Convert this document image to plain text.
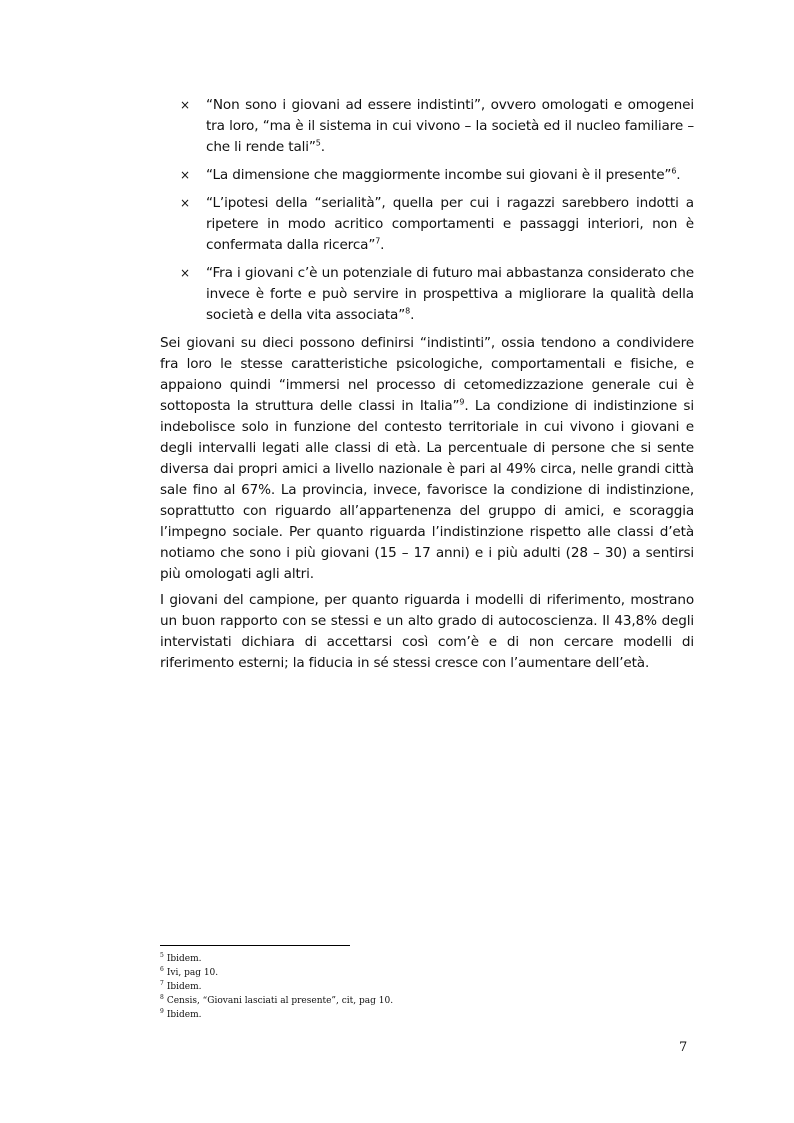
× “Non sono i giovani ad essere indistinti”, ovvero omologati e omogenei tra loro, “ma è il sistema in cui vivono – la società ed il nucleo familiare – che li rende tali”$^5$.
× “La dimensione che maggiormente incombe sui giovani è il presente”$^6$.
× “L’ipotesi della “serialità”, quella per cui i ragazzi sarebbero indotti a ripetere in modo acritico comportamenti e passaggi interiori, non è confermata dalla ricerca”$^7$.
× “Fra i giovani c’è un potenziale di futuro mai abbastanza considerato che invece è forte e può servire in prospettiva a migliorare la qualità della società e della vita associata”$^8$.

Sei giovani su dieci possono definirsi “indistinti”, ossia tendono a condividere fra loro le stesse caratteristiche psicologiche, comportamentali e fisiche, e appaiono quindi “immersi nel processo di cetomedizzazione generale cui è sottoposta la struttura delle classi in Italia”$^9$. La condizione di indistinzione si indebolisce solo in funzione del contesto territoriale in cui vivono i giovani e degli intervalli legati alle classi di età. La percentuale di persone che si sente diversa dai propri amici a livello nazionale è pari al 49% circa, nelle grandi città sale fino al 67%. La provincia, invece, favorisce la condizione di indistinzione, soprattutto con riguardo all’appartenenza del gruppo di amici, e scoraggia l’impegno sociale. Per quanto riguarda l’indistinzione rispetto alle classi d’età notiamo che sono i più giovani (15 – 17 anni) e i più adulti (28 – 30) a sentirsi più omologati agli altri.

I giovani del campione, per quanto riguarda i modelli di riferimento, mostrano un buon rapporto con se stessi e un alto grado di autocoscienza. Il 43,8% degli intervistati dichiara di accettarsi così com’è e di non cercare modelli di riferimento esterni; la fiducia in sé stessi cresce con l’aumentare dell’età.

$^5$ Ibidem.
$^6$ Ivi, pag 10.
$^7$ Ibidem.
$^8$ Censis, “Giovani lasciati al presente”, cit, pag 10.
$^9$ Ibidem.
7
